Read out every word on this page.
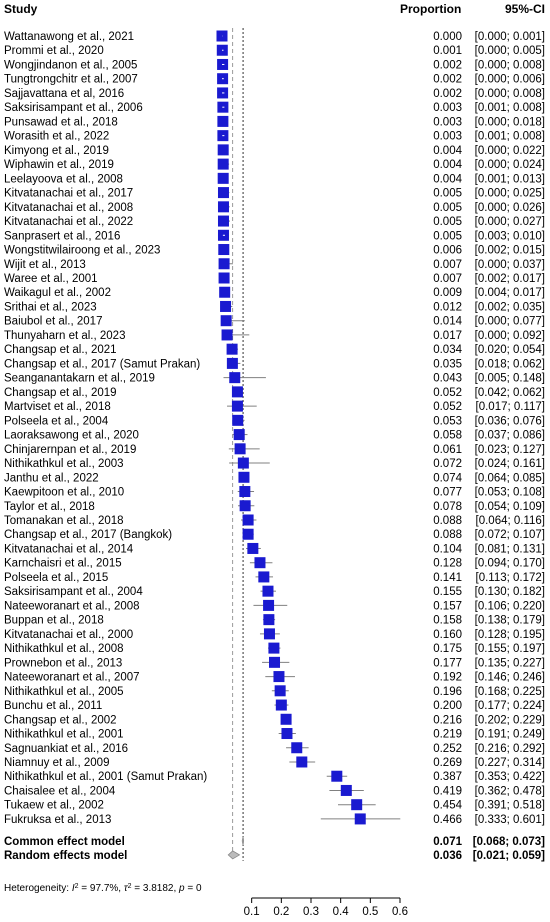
Study	Proportion	95%-CI
Wattanawong et al., 2021	0.000 [0.000; 0.001]
Prommi et al., 2020	0.001 [0.000; 0.005]
Wongjindanon et al., 2005	0.002 [0.000; 0.008]
Tungtrongchitr et al., 2007	0.002 [0.000; 0.006]
Sajjavattana et al, 2016	0.002 [0.000; 0.008]
Saksirisampant et al., 2006	0.003 [0.001; 0.008]
Punsawad et al., 2018	0.003 [0.000; 0.018]
Worasith et al., 2022	0.003 [0.001; 0.008]
Kimyong et al., 2019	0.004 [0.000; 0.022]
Wiphawin et al., 2019	0.004 [0.000; 0.024]
Leelayoova et al., 2008	0.004 [0.001; 0.013]
Kitvatanachai et al., 2017	0.005 [0.000; 0.025]
Kitvatanachai et al., 2008	0.005 [0.000; 0.026]
Kitvatanachai et al., 2022	0.005 [0.000; 0.027]
Sanprasert et al., 2016	0.005 [0.003; 0.010]
Wongstitwilairoong et al., 2023	0.006 [0.002; 0.015]
Wijit et al., 2013	0.007 [0.000; 0.037]
Waree et al., 2001	0.007 [0.002; 0.017]
Waikagul et al., 2002	0.009 [0.004; 0.017]
Srithai et al., 2023	0.012 [0.002; 0.035]
Baiubol et al., 2017	0.014 [0.000; 0.077]
Thunyaharn et al., 2023	0.017 [0.000; 0.092]
Changsap et al., 2021	0.034 [0.020; 0.054]
Changsap et al., 2017 (Samut Prakan)	0.035 [0.018; 0.062]
Seanganantakarn et al., 2019	0.043 [0.005; 0.148]
Changsap et al., 2019	0.052 [0.042; 0.062]
Martviset et al., 2018	0.052 [0.017; 0.117]
Polseela et al., 2004	0.053 [0.036; 0.076]
Laoraksawong et al., 2020	0.058 [0.037; 0.086]
Chinjarernpan et al., 2019	0.061 [0.023; 0.127]
Nithikathkul et al., 2003	0.072 [0.024; 0.161]
Janthu et al., 2022	0.074 [0.064; 0.085]
Kaewpitoon et al., 2010	0.077 [0.053; 0.108]
Taylor et al., 2018	0.078 [0.054; 0.109]
Tomanakan et al., 2018	0.088 [0.064; 0.116]
Changsap et al., 2017 (Bangkok)	0.088 [0.072; 0.107]
Kitvatanachai et al., 2014	0.104 [0.081; 0.131]
Karnchaisri et al., 2015	0.128 [0.094; 0.170]
Polseela et al., 2015	0.141 [0.113; 0.172]
Saksirisampant et al., 2004	0.155 [0.130; 0.182]
Nateeworanart et al., 2008	0.157 [0.106; 0.220]
Buppan et al., 2018	0.158 [0.138; 0.179]
Kitvatanachai et al., 2000	0.160 [0.128; 0.195]
Nithikathkul et al., 2008	0.175 [0.155; 0.197]
Prownebon et al., 2013	0.177 [0.135; 0.227]
Nateeworanart et al., 2007	0.192 [0.146; 0.246]
Nithikathkul et al., 2005	0.196 [0.168; 0.225]
Bunchu et al., 2011	0.200 [0.177; 0.224]
Changsap et al., 2002	0.216 [0.202; 0.229]
Nithikathkul et al., 2001	0.219 [0.191; 0.249]
Sagnuankiat et al., 2016	0.252 [0.216; 0.292]
Niamnuy et al., 2009	0.269 [0.227; 0.314]
Nithikathkul et al., 2001 (Samut Prakan)	0.387 [0.353; 0.422]
Chaisalee et al., 2004	0.419 [0.362; 0.478]
Tukaew et al., 2002	0.454 [0.391; 0.518]
Fukruksa et al., 2013	0.466 [0.333; 0.601]
Common effect model	0.071 [0.068; 0.073]
Random effects model	0.036 [0.021; 0.059]
0.1 0.2 0.3 0.4 0.5 0.6
Heterogeneity: $I^2 = 97.7\%$, $\tau^2 = 3.8182$, p = 0
